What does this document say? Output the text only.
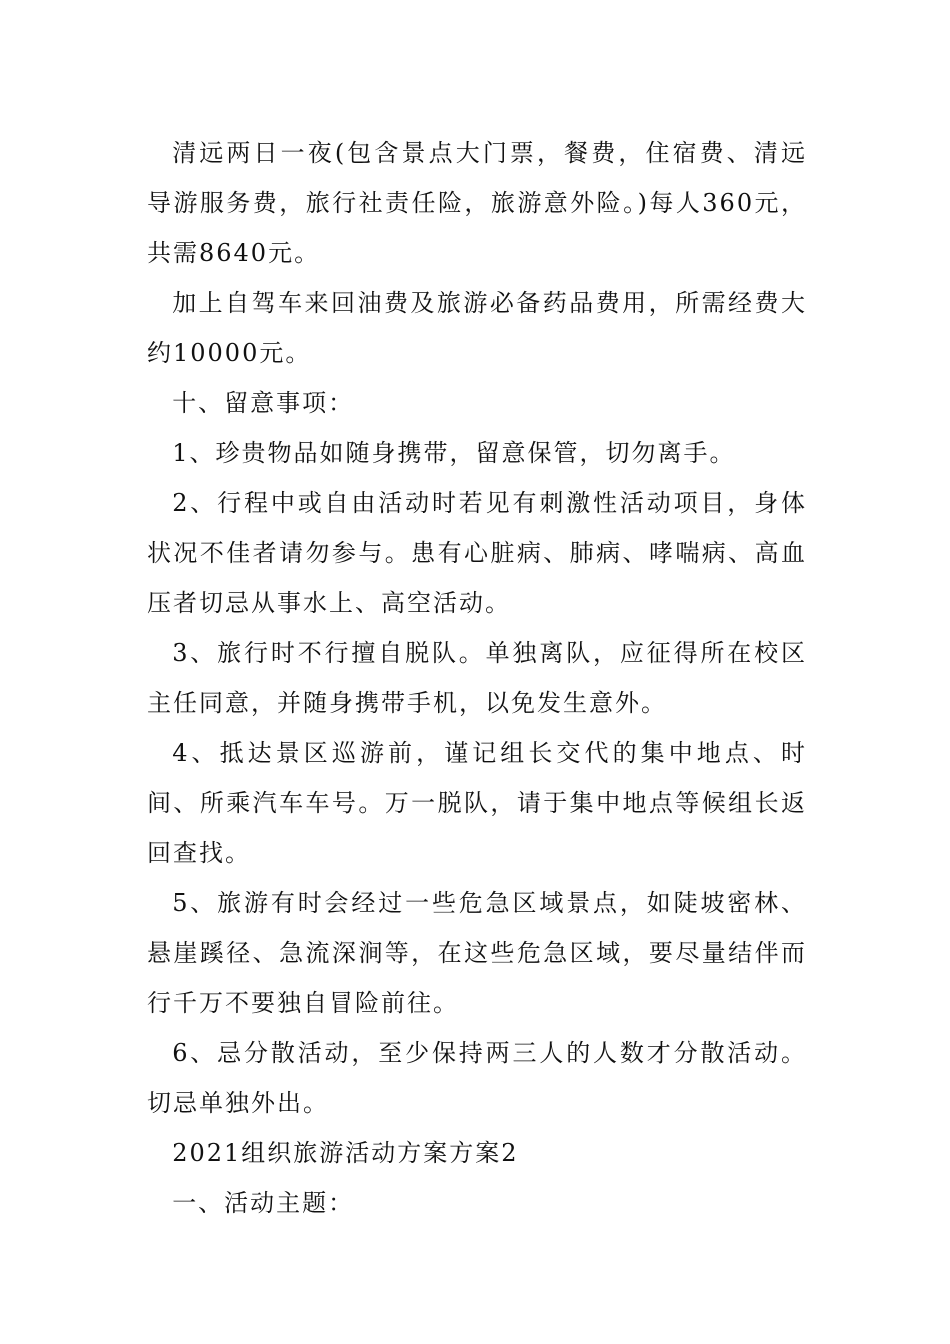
清远两日一夜(包含景点大门票，餐费，住宿费、清远导游服务费，旅行社责任险，旅游意外险。)每人360元，共需8640元。

加上自驾车来回油费及旅游必备药品费用，所需经费大约10000元。

十、留意事项：

1、珍贵物品如随身携带，留意保管，切勿离手。

2、行程中或自由活动时若见有刺激性活动项目，身体状况不佳者请勿参与。患有心脏病、肺病、哮喘病、高血压者切忌从事水上、高空活动。

3、旅行时不行擅自脱队。单独离队，应征得所在校区主任同意，并随身携带手机，以免发生意外。

4、抵达景区巡游前，谨记组长交代的集中地点、时间、所乘汽车车号。万一脱队，请于集中地点等候组长返回查找。

5、旅游有时会经过一些危急区域景点，如陡坡密林、悬崖蹊径、急流深涧等，在这些危急区域，要尽量结伴而行千万不要独自冒险前往。

6、忌分散活动，至少保持两三人的人数才分散活动。切忌单独外出。

2021组织旅游活动方案方案2

一、活动主题：
